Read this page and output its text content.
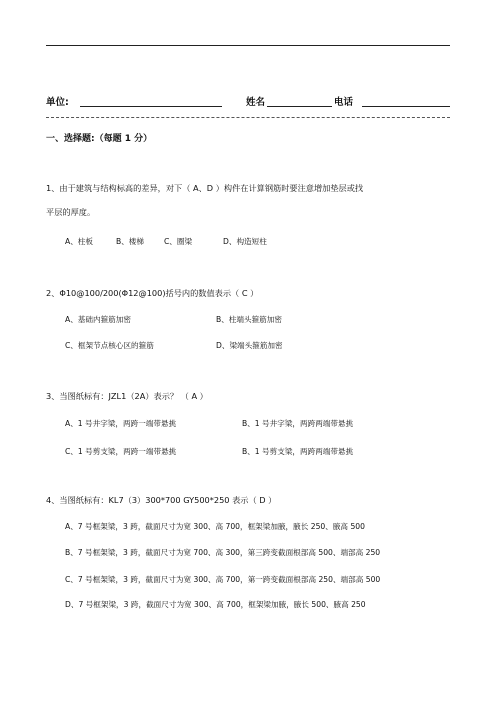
单位:	姓名	电话
一、选择题:（每题 1 分）
1、由于建筑与结构标高的差异，对下（ A、D ）构件在计算钢筋时要注意增加垫层或找
平层的厚度。
A、柱板	B、楼梯	C、圈梁	D、构造短柱
2、Φ10@100/200(Φ12@100)括号内的数值表示（ C ）
A、基础内箍筋加密	B、柱端头箍筋加密
C、框架节点核心区的箍筋	D、梁端头箍筋加密
3、当图纸标有：JZL1（2A）表示？ （ A ）
A、1 号井字梁，两跨一端带悬挑	B、1 号井字梁，两跨两端带悬挑
C、1 号剪支梁，两跨一端带悬挑	B、1 号剪支梁，两跨两端带悬挑
4、当图纸标有：KL7（3）300*700 GY500*250 表示（ D ）
A、7 号框架梁，3 跨，截面尺寸为宽 300、高 700，框架梁加腋，腋长 250、腋高 500
B、7 号框架梁，3 跨，截面尺寸为宽 700、高 300，第三跨变截面根部高 500、端部高 250
C、7 号框架梁，3 跨，截面尺寸为宽 300、高 700，第一跨变截面根部高 250、端部高 500
D、7 号框架梁，3 跨，截面尺寸为宽 300、高 700，框架梁加腋，腋长 500、腋高 250
